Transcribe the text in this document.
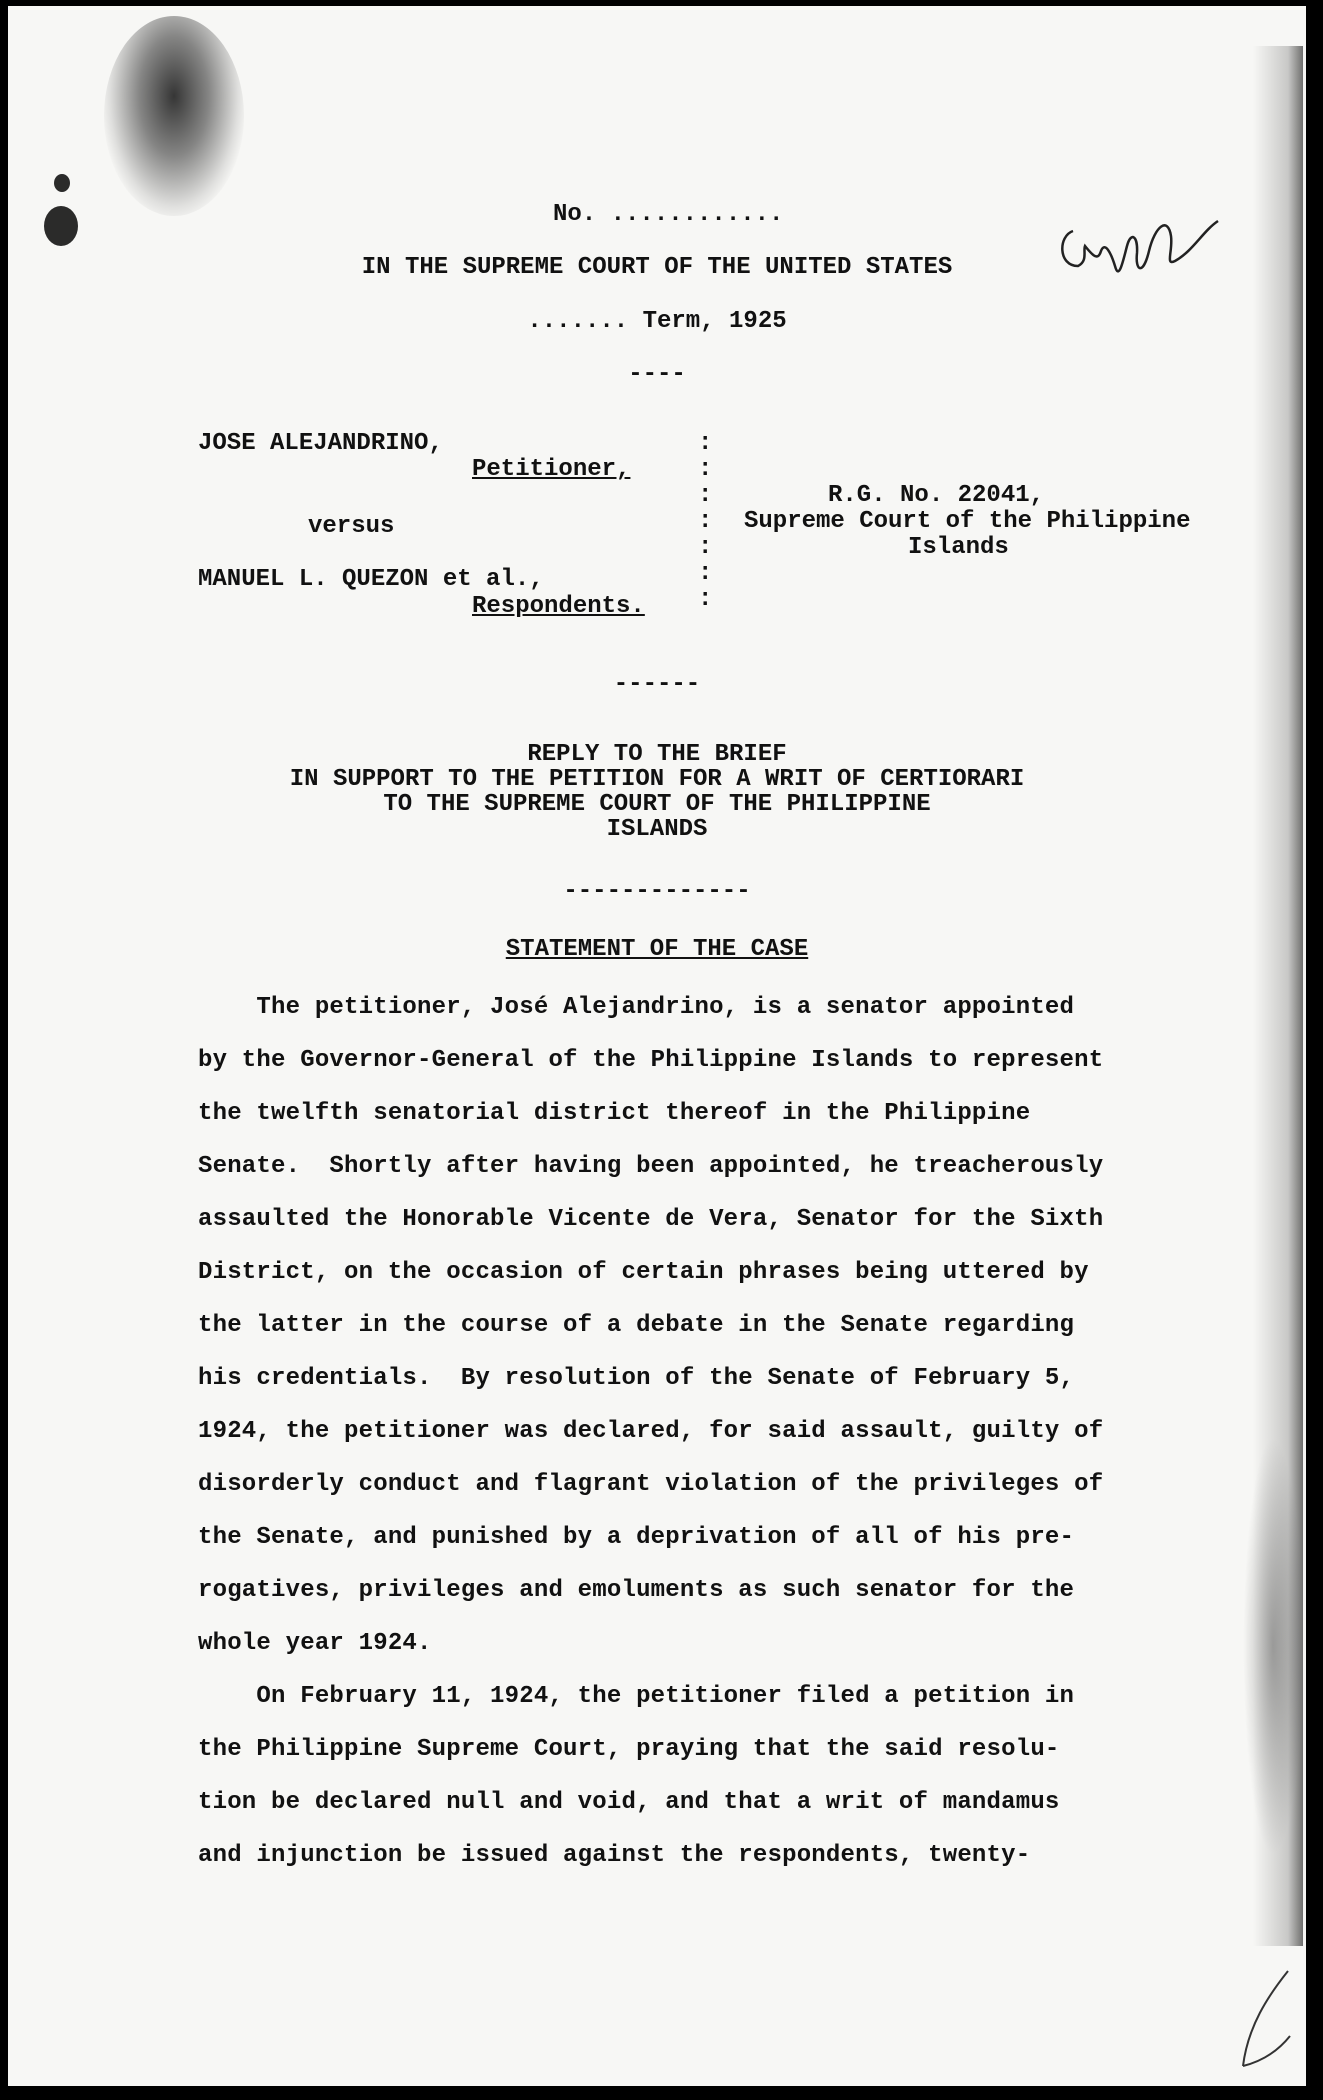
No. ............
IN THE SUPREME COURT OF THE UNITED STATES
....... Term, 1925
----
JOSE ALEJANDRINO,
Petitioner,
versus
MANUEL L. QUEZON et al.,
Respondents.
:
:
:
:
:
:
:
R.G. No. 22041,
Supreme Court of the Philippine
Islands
------
REPLY TO THE BRIEF
IN SUPPORT TO THE PETITION FOR A WRIT OF CERTIORARI
TO THE SUPREME COURT OF THE PHILIPPINE
ISLANDS
-------------
STATEMENT OF THE CASE
The petitioner, José Alejandrino, is a senator appointed
by the Governor-General of the Philippine Islands to represent
the twelfth senatorial district thereof in the Philippine
Senate.  Shortly after having been appointed, he treacherously
assaulted the Honorable Vicente de Vera, Senator for the Sixth
District, on the occasion of certain phrases being uttered by
the latter in the course of a debate in the Senate regarding
his credentials.  By resolution of the Senate of February 5,
1924, the petitioner was declared, for said assault, guilty of
disorderly conduct and flagrant violation of the privileges of
the Senate, and punished by a deprivation of all of his pre-
rogatives, privileges and emoluments as such senator for the
whole year 1924.
On February 11, 1924, the petitioner filed a petition in
the Philippine Supreme Court, praying that the said resolu-
tion be declared null and void, and that a writ of mandamus
and injunction be issued against the respondents, twenty-
